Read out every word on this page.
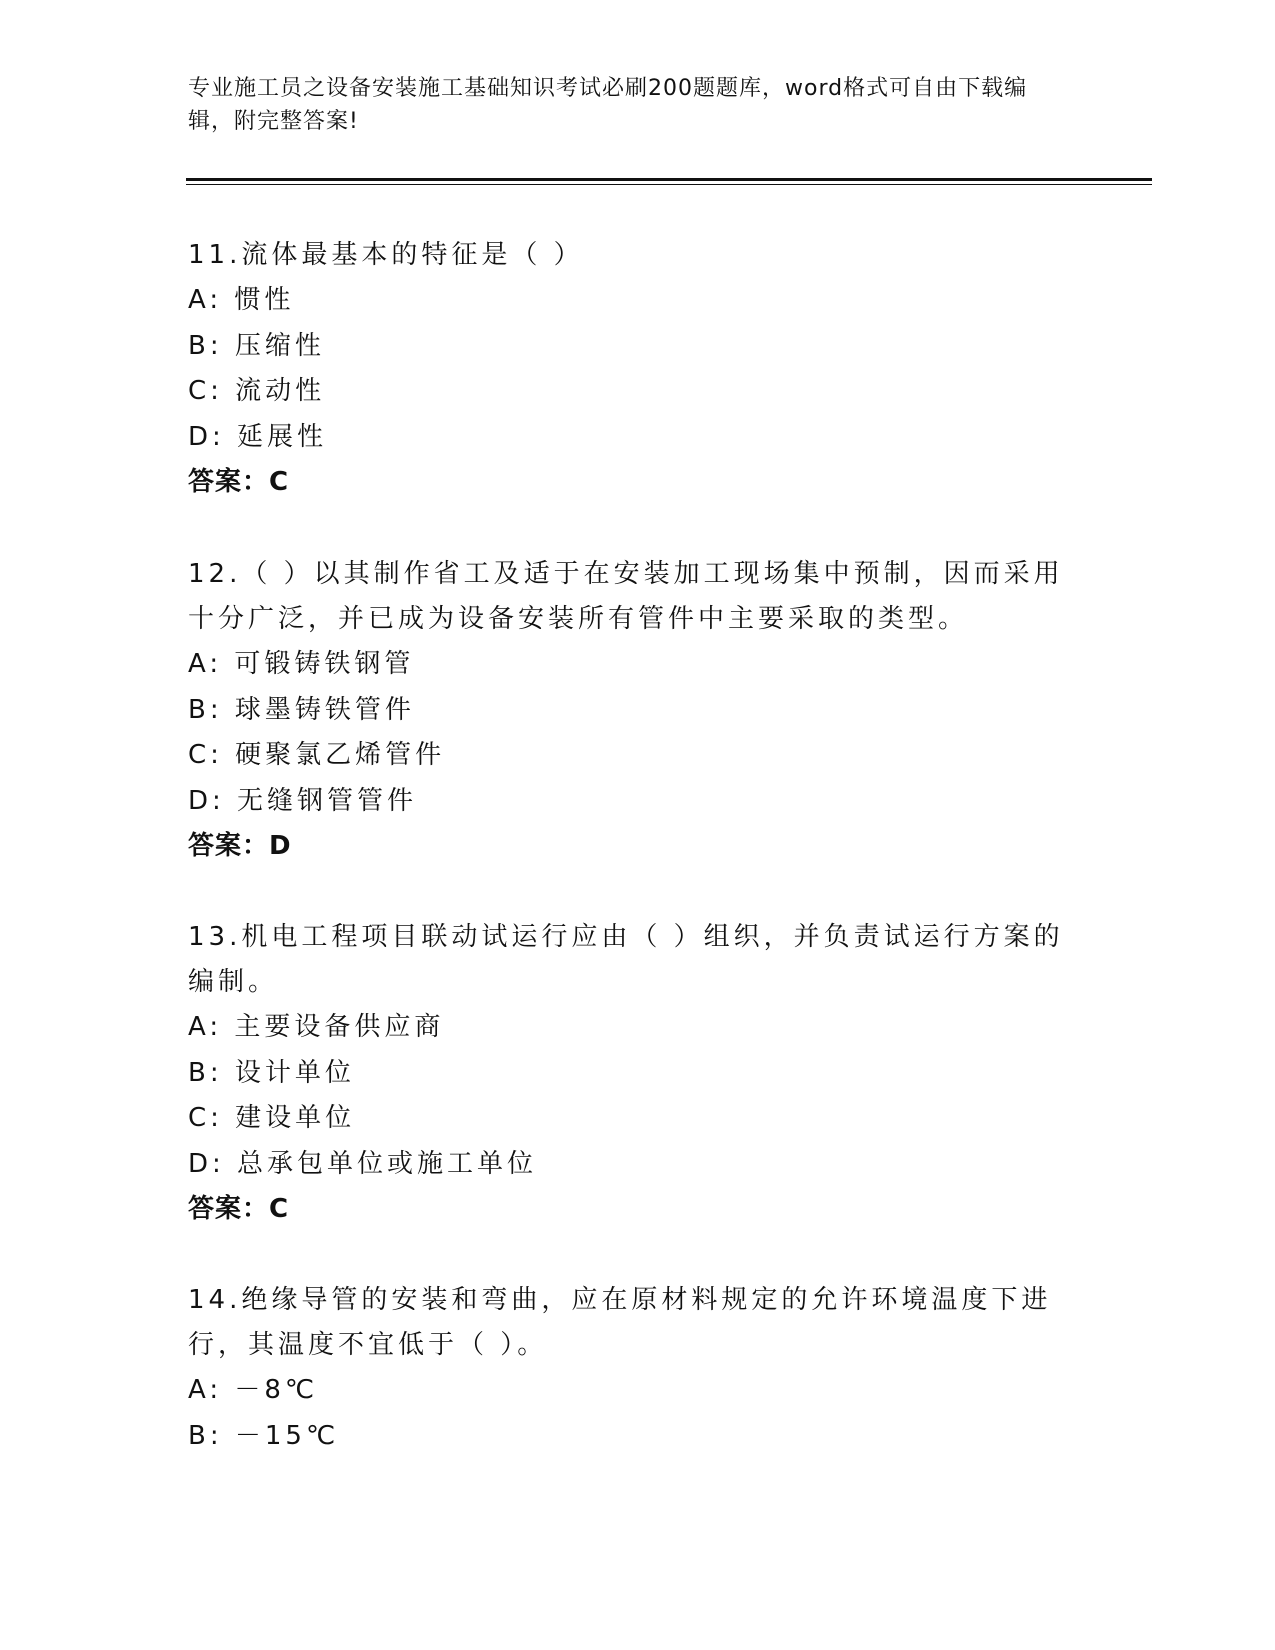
专业施工员之设备安装施工基础知识考试必刷200题题库，word格式可自由下载编辑，附完整答案!
11.流体最基本的特征是（ ）
A: 惯性
B: 压缩性
C: 流动性
D: 延展性
答案：C
12.（ ）以其制作省工及适于在安装加工现场集中预制，因而采用十分广泛，并已成为设备安装所有管件中主要采取的类型。
A: 可锻铸铁钢管
B: 球墨铸铁管件
C: 硬聚氯乙烯管件
D: 无缝钢管管件
答案：D
13.机电工程项目联动试运行应由（ ）组织，并负责试运行方案的编制。
A: 主要设备供应商
B: 设计单位
C: 建设单位
D: 总承包单位或施工单位
答案：C
14.绝缘导管的安装和弯曲，应在原材料规定的允许环境温度下进行，其温度不宜低于（ ）。
A: －8℃
B: －15℃
